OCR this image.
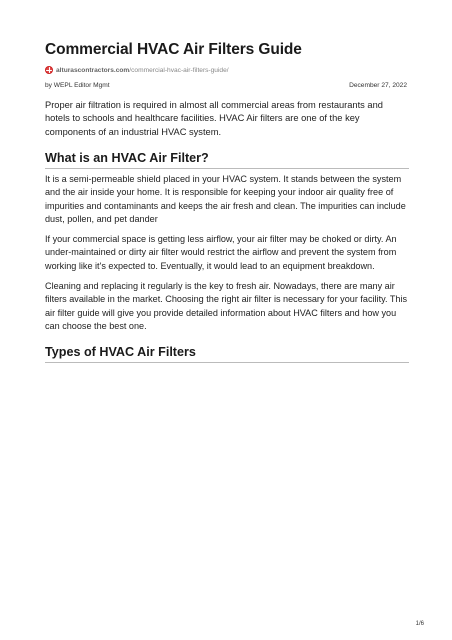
Commercial HVAC Air Filters Guide
alturascontractors.com /commercial-hvac-air-filters-guide/
by WEPL Editor Mgmt	December 27, 2022

Proper air filtration is required in almost all commercial areas from restaurants and hotels to schools and healthcare facilities. HVAC Air filters are one of the key components of an industrial HVAC system.

What is an HVAC Air Filter?

It is a semi-permeable shield placed in your HVAC system. It stands between the system and the air inside your home. It is responsible for keeping your indoor air quality free of impurities and contaminants and keeps the air fresh and clean. The impurities can include dust, pollen, and pet dander

If your commercial space is getting less airflow, your air filter may be choked or dirty. An under-maintained or dirty air filter would restrict the airflow and prevent the system from working like it's expected to. Eventually, it would lead to an equipment breakdown.

Cleaning and replacing it regularly is the key to fresh air. Nowadays, there are many air filters available in the market. Choosing the right air filter is necessary for your facility. This air filter guide will give you provide detailed information about HVAC filters and how you can choose the best one.

Types of HVAC Air Filters
1/6
